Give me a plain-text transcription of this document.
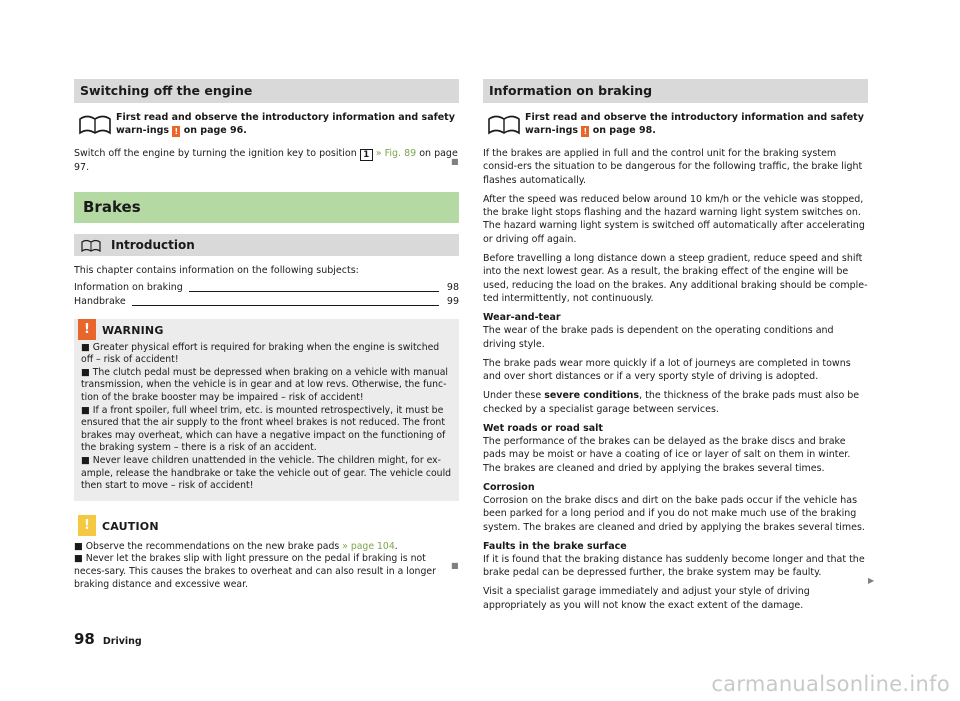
Switching off the engine
First read and observe the introductory information and safety warn-ings ! on page 96.
Switch off the engine by turning the ignition key to position 1 » Fig. 89 on page 97.
Brakes
Introduction
This chapter contains information on the following subjects:
Information on braking	98
Handbrake	99
!	WARNING
■ Greater physical effort is required for braking when the engine is switched off – risk of accident!
■ The clutch pedal must be depressed when braking on a vehicle with manual transmission, when the vehicle is in gear and at low revs. Otherwise, the func-tion of the brake booster may be impaired – risk of accident!
■ If a front spoiler, full wheel trim, etc. is mounted retrospectively, it must be ensured that the air supply to the front wheel brakes is not reduced. The front brakes may overheat, which can have a negative impact on the functioning of the braking system – there is a risk of an accident.
■ Never leave children unattended in the vehicle. The children might, for ex-ample, release the handbrake or take the vehicle out of gear. The vehicle could then start to move – risk of accident!
!	CAUTION
■ Observe the recommendations on the new brake pads » page 104.
■ Never let the brakes slip with light pressure on the pedal if braking is not neces-sary. This causes the brakes to overheat and can also result in a longer braking distance and excessive wear.
■
■
Information on braking
First read and observe the introductory information and safety warn-ings ! on page 98.
If the brakes are applied in full and the control unit for the braking system consid-ers the situation to be dangerous for the following traffic, the brake light flashes automatically.
After the speed was reduced below around 10 km/h or the vehicle was stopped, the brake light stops flashing and the hazard warning light system switches on. The hazard warning light system is switched off automatically after accelerating or driving off again.
Before travelling a long distance down a steep gradient, reduce speed and shift into the next lowest gear. As a result, the braking effect of the engine will be used, reducing the load on the brakes. Any additional braking should be comple-ted intermittently, not continuously.
Wear-and-tear
The wear of the brake pads is dependent on the operating conditions and driving style.
The brake pads wear more quickly if a lot of journeys are completed in towns and over short distances or if a very sporty style of driving is adopted.
Under these severe conditions, the thickness of the brake pads must also be checked by a specialist garage between services.
Wet roads or road salt
The performance of the brakes can be delayed as the brake discs and brake pads may be moist or have a coating of ice or layer of salt on them in winter. The brakes are cleaned and dried by applying the brakes several times.
Corrosion
Corrosion on the brake discs and dirt on the bake pads occur if the vehicle has been parked for a long period and if you do not make much use of the braking system. The brakes are cleaned and dried by applying the brakes several times.
Faults in the brake surface
If it is found that the braking distance has suddenly become longer and that the brake pedal can be depressed further, the brake system may be faulty.
Visit a specialist garage immediately and adjust your style of driving appropriately as you will not know the exact extent of the damage.
▶
98 Driving
carmanualsonline.info
